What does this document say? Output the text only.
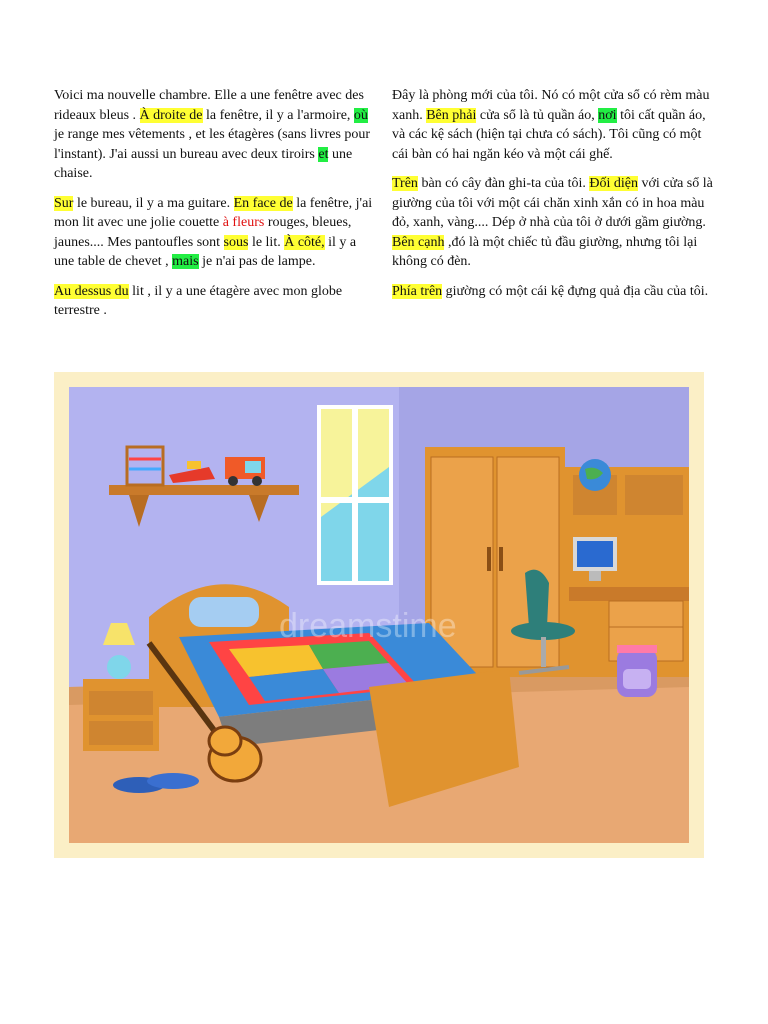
Voici ma nouvelle chambre. Elle a une fenêtre avec des rideaux bleus . À droite de la fenêtre, il y a l'armoire, où je range mes vêtements , et les étagères (sans livres pour l'instant). J'ai aussi un bureau avec deux tiroirs et une chaise.

Sur le bureau, il y a ma guitare. En face de la fenêtre, j'ai mon lit avec une jolie couette à fleurs rouges, bleues, jaunes.... Mes pantoufles sont sous le lit. À côté, il y a une table de chevet , mais je n'ai pas de lampe.

Au dessus du lit , il y a une étagère avec mon globe terrestre .

Đây là phòng mới của tôi. Nó có một cửa sổ có rèm màu xanh. Bên phải cửa sổ là tủ quần áo, nơi tôi cất quần áo, và các kệ sách (hiện tại chưa có sách). Tôi cũng có một cái bàn có hai ngăn kéo và một cái ghế.

Trên bàn có cây đàn ghi-ta của tôi. Đối diện với cửa sổ là giường của tôi với một cái chăn xinh xắn có in hoa màu đỏ, xanh, vàng.... Dép ở nhà của tôi ở dưới gầm giường. Bên cạnh ,đó là một chiếc tủ đầu giường, nhưng tôi lại không có đèn.

Phía trên giường có một cái kệ đựng quả địa cầu của tôi.

dreamstime
